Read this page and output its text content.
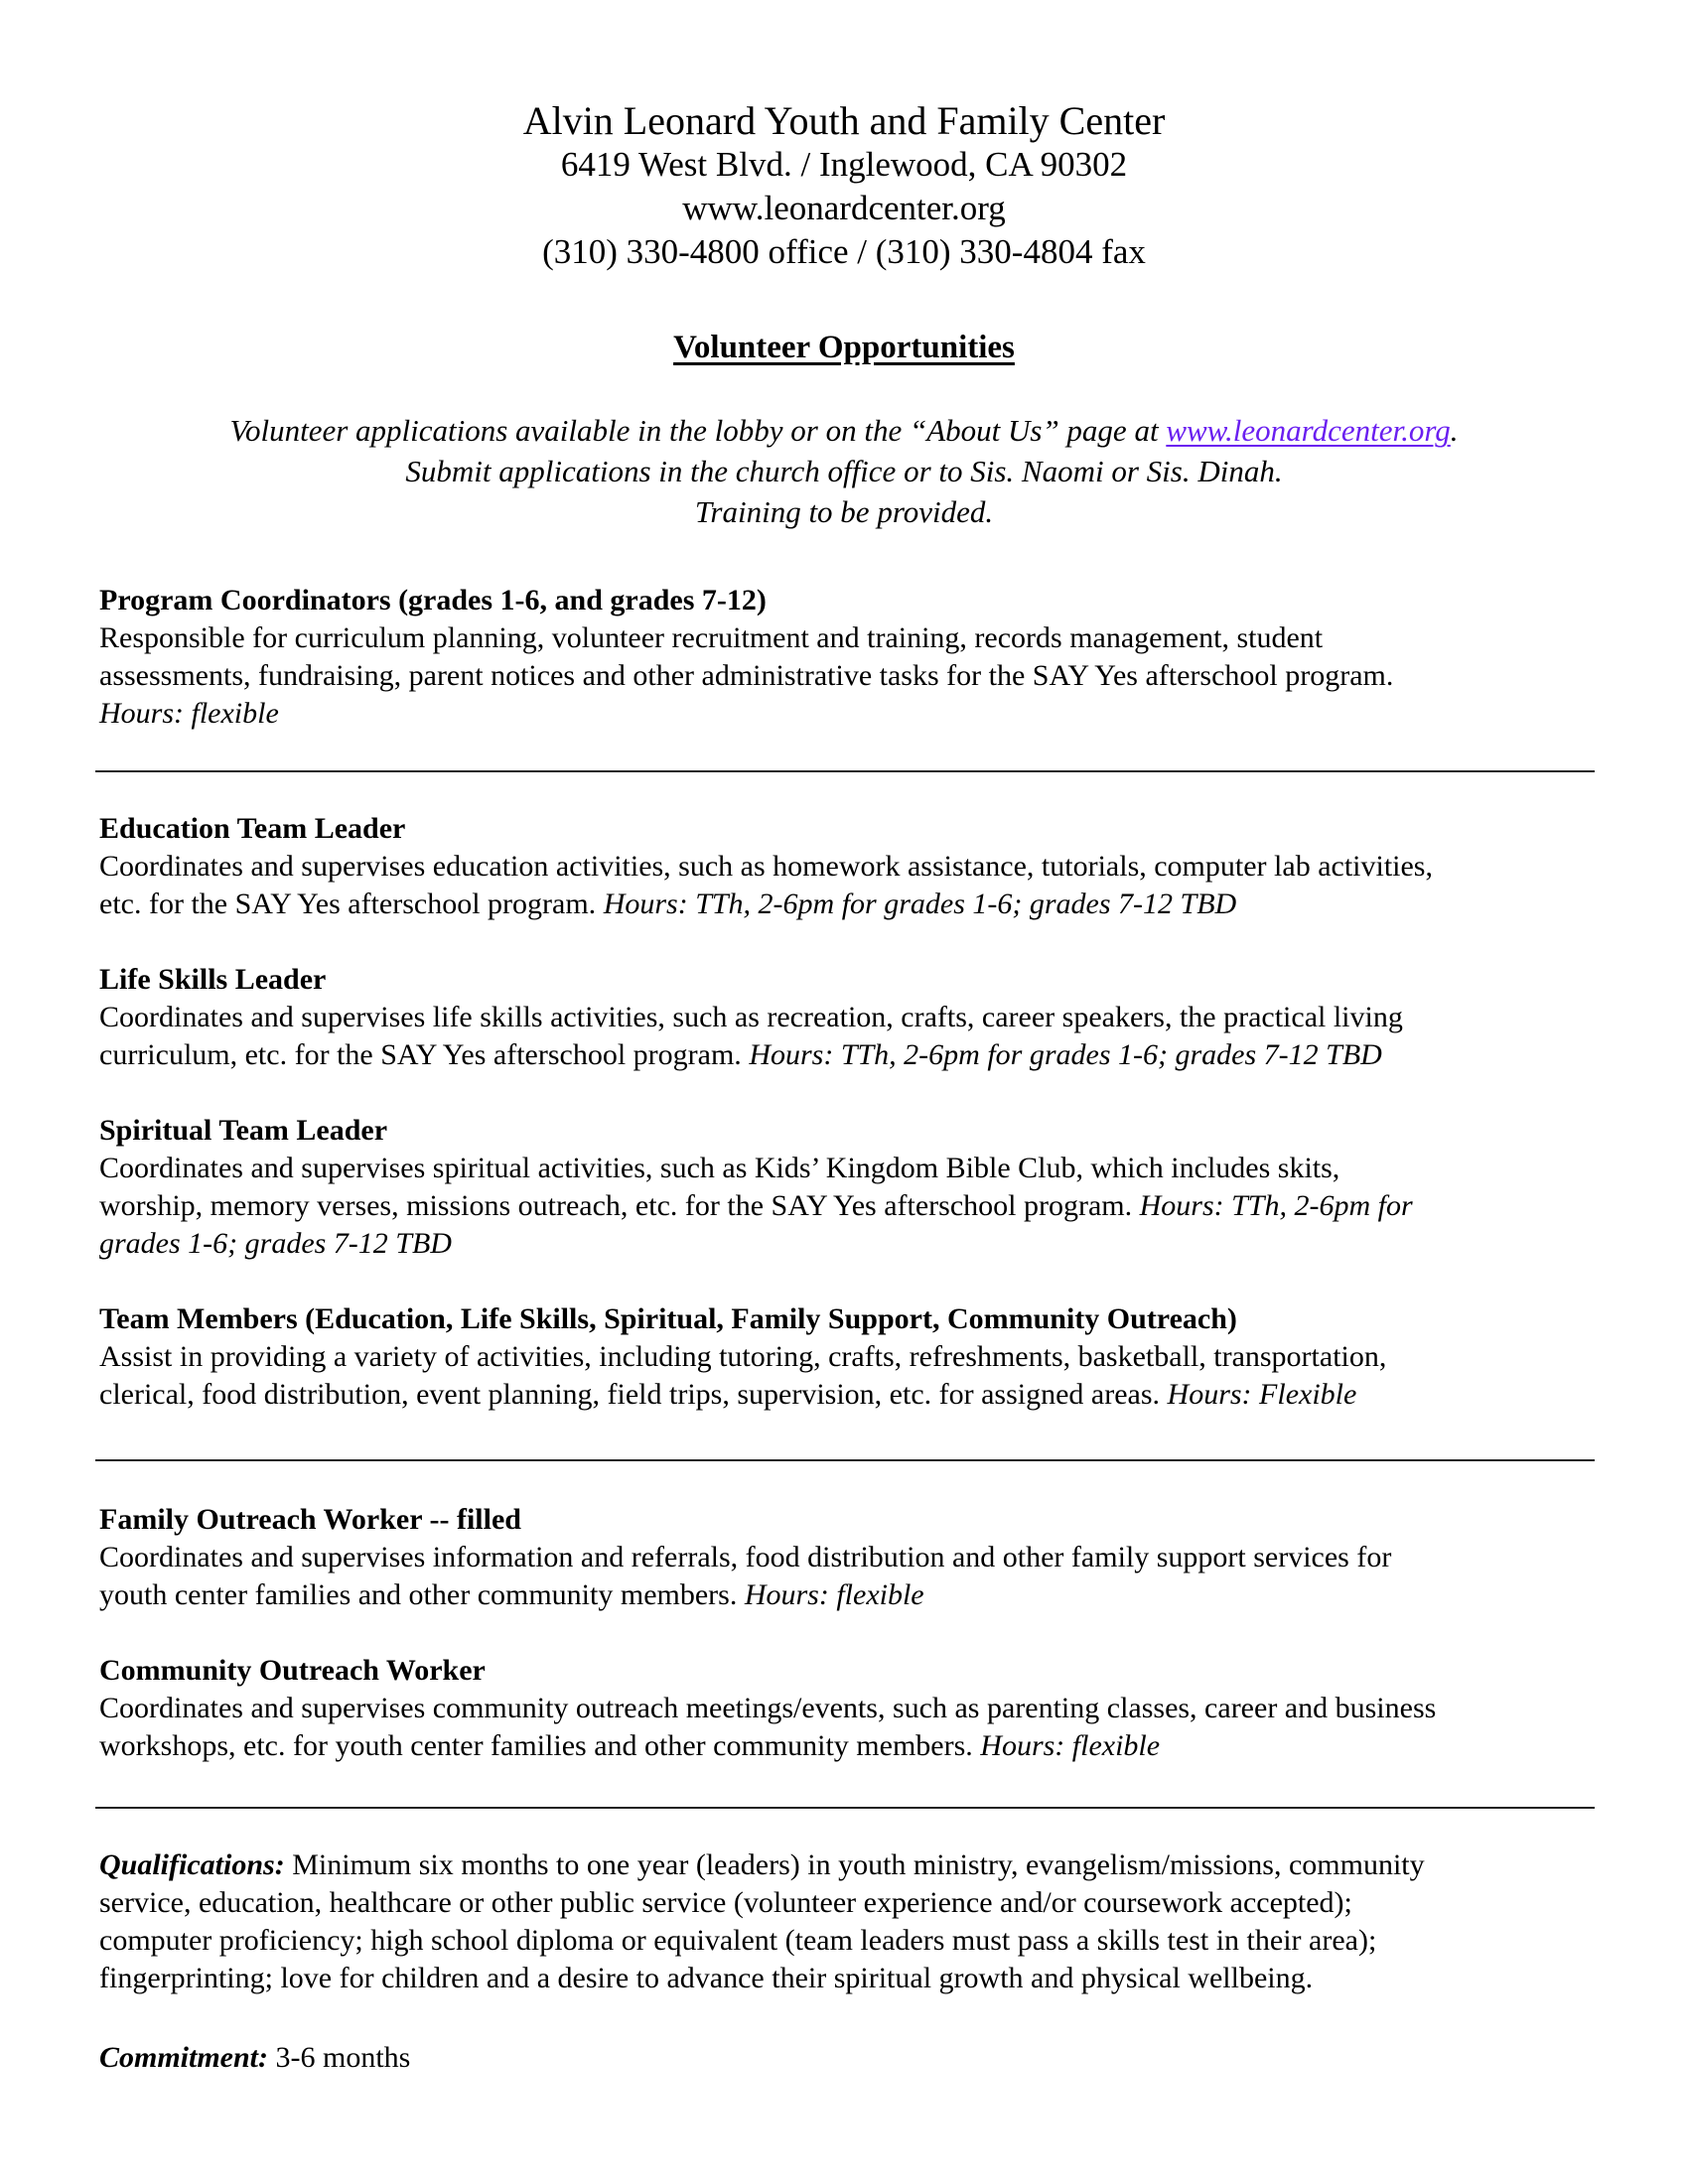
Alvin Leonard Youth and Family Center
6419 West Blvd. / Inglewood, CA 90302
www.leonardcenter.org
(310) 330-4800 office / (310) 330-4804 fax
Volunteer Opportunities
Volunteer applications available in the lobby or on the “About Us” page at www.leonardcenter.org.
Submit applications in the church office or to Sis. Naomi or Sis. Dinah.
Training to be provided.
Program Coordinators (grades 1-6, and grades 7-12)
Responsible for curriculum planning, volunteer recruitment and training, records management, student
assessments, fundraising, parent notices and other administrative tasks for the SAY Yes afterschool program.
Hours: flexible
Education Team Leader
Coordinates and supervises education activities, such as homework assistance, tutorials, computer lab activities,
etc. for the SAY Yes afterschool program. Hours: TTh, 2-6pm for grades 1-6; grades 7-12 TBD
Life Skills Leader
Coordinates and supervises life skills activities, such as recreation, crafts, career speakers, the practical living
curriculum, etc. for the SAY Yes afterschool program. Hours: TTh, 2-6pm for grades 1-6; grades 7-12 TBD
Spiritual Team Leader
Coordinates and supervises spiritual activities, such as Kids’ Kingdom Bible Club, which includes skits,
worship, memory verses, missions outreach, etc. for the SAY Yes afterschool program. Hours: TTh, 2-6pm for
grades 1-6; grades 7-12 TBD
Team Members (Education, Life Skills, Spiritual, Family Support, Community Outreach)
Assist in providing a variety of activities, including tutoring, crafts, refreshments, basketball, transportation,
clerical, food distribution, event planning, field trips, supervision, etc. for assigned areas. Hours: Flexible
Family Outreach Worker -- filled
Coordinates and supervises information and referrals, food distribution and other family support services for
youth center families and other community members. Hours: flexible
Community Outreach Worker
Coordinates and supervises community outreach meetings/events, such as parenting classes, career and business
workshops, etc. for youth center families and other community members. Hours: flexible
Qualifications: Minimum six months to one year (leaders) in youth ministry, evangelism/missions, community
service, education, healthcare or other public service (volunteer experience and/or coursework accepted);
computer proficiency; high school diploma or equivalent (team leaders must pass a skills test in their area);
fingerprinting; love for children and a desire to advance their spiritual growth and physical wellbeing.
Commitment: 3-6 months
